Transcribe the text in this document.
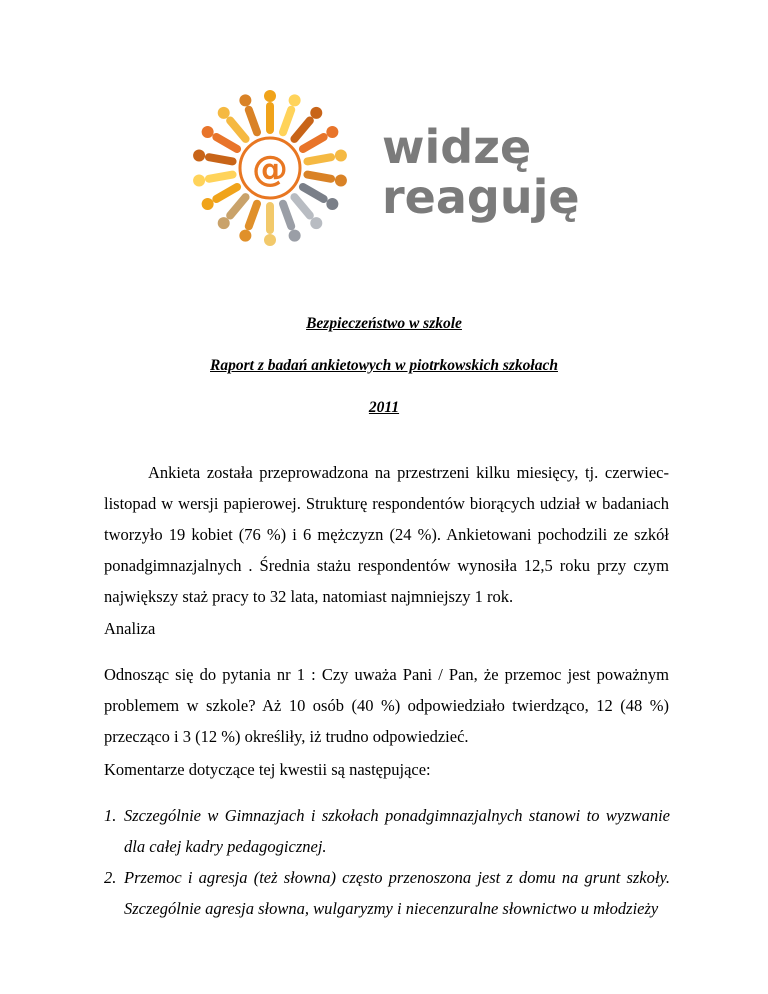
@ widzę
reaguję
Bezpieczeństwo w szkole
Raport z badań ankietowych w piotrkowskich szkołach
2011

Ankieta została przeprowadzona na przestrzeni kilku miesięcy, tj. czerwiec-listopad w wersji papierowej. Strukturę respondentów biorących udział w badaniach tworzyło 19 kobiet (76 %) i 6 mężczyzn (24 %). Ankietowani pochodzili ze szkół ponadgimnazjalnych . Średnia stażu respondentów wynosiła 12,5 roku przy czym największy staż pracy to 32 lata, natomiast najmniejszy 1 rok.

Analiza

Odnosząc się do pytania nr 1 : Czy uważa Pani / Pan, że przemoc jest poważnym problemem w szkole? Aż 10 osób (40 %) odpowiedziało twierdząco, 12 (48 %) przecząco i 3 (12 %) określiły, iż trudno odpowiedzieć.

Komentarze dotyczące tej kwestii są następujące:

1. Szczególnie w Gimnazjach i szkołach ponadgimnazjalnych stanowi to wyzwanie dla całej kadry pedagogicznej.
2. Przemoc i agresja (też słowna) często przenoszona jest z domu na grunt szkoły. Szczególnie agresja słowna, wulgaryzmy i niecenzuralne słownictwo u młodzieży
